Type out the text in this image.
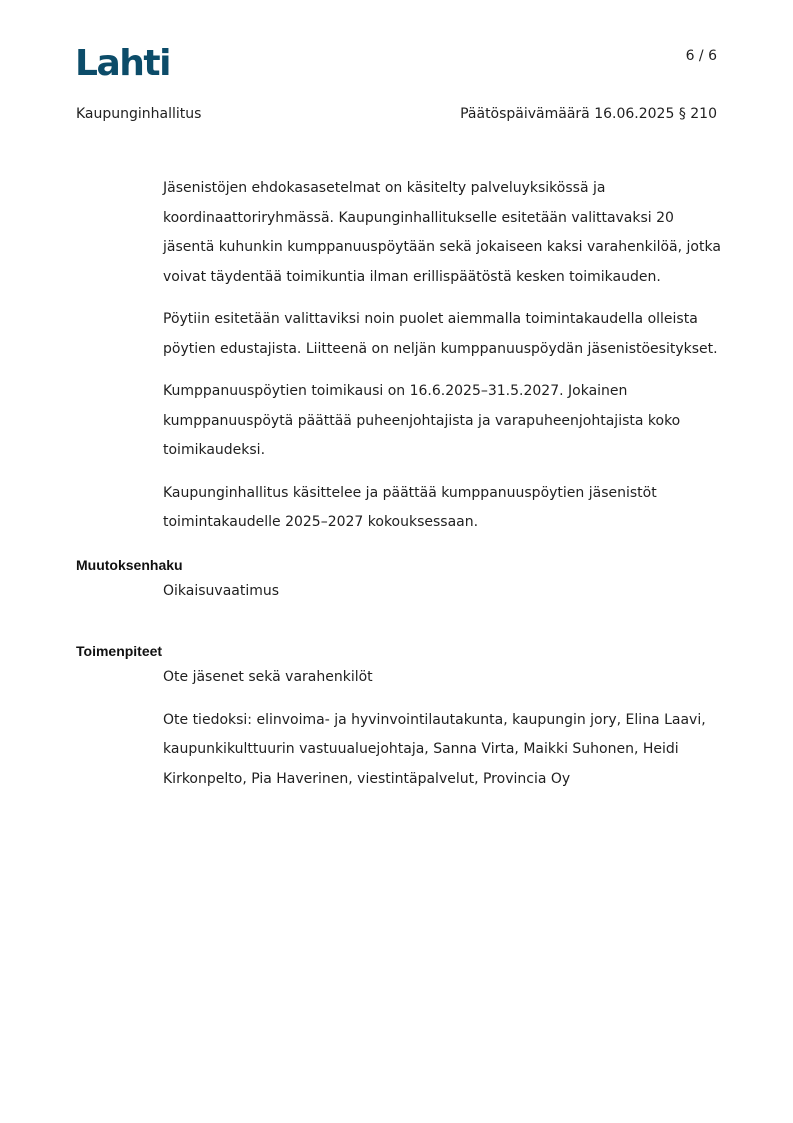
Lahti	6 / 6
Kaupunginhallitus	Päätöspäivämäärä 16.06.2025 § 210

Jäsenistöjen ehdokasasetelmat on käsitelty palveluyksikössä ja koordinaattoriryhmässä. Kaupunginhallitukselle esitetään valittavaksi 20 jäsentä kuhunkin kumppanuuspöytään sekä jokaiseen kaksi varahenkilöä, jotka voivat täydentää toimikuntia ilman erillispäätöstä kesken toimikauden.

Pöytiin esitetään valittaviksi noin puolet aiemmalla toimintakaudella olleista pöytien edustajista. Liitteenä on neljän kumppanuuspöydän jäsenistöesitykset.

Kumppanuuspöytien toimikausi on 16.6.2025–31.5.2027. Jokainen kumppanuuspöytä päättää puheenjohtajista ja varapuheenjohtajista koko toimikaudeksi.

Kaupunginhallitus käsittelee ja päättää kumppanuuspöytien jäsenistöt toimintakaudelle 2025–2027 kokouksessaan.

Muutoksenhaku

Oikaisuvaatimus

Toimenpiteet

Ote jäsenet sekä varahenkilöt

Ote tiedoksi: elinvoima- ja hyvinvointilautakunta, kaupungin jory, Elina Laavi, kaupunkikulttuurin vastuualuejohtaja, Sanna Virta, Maikki Suhonen, Heidi Kirkonpelto, Pia Haverinen, viestintäpalvelut, Provincia Oy
